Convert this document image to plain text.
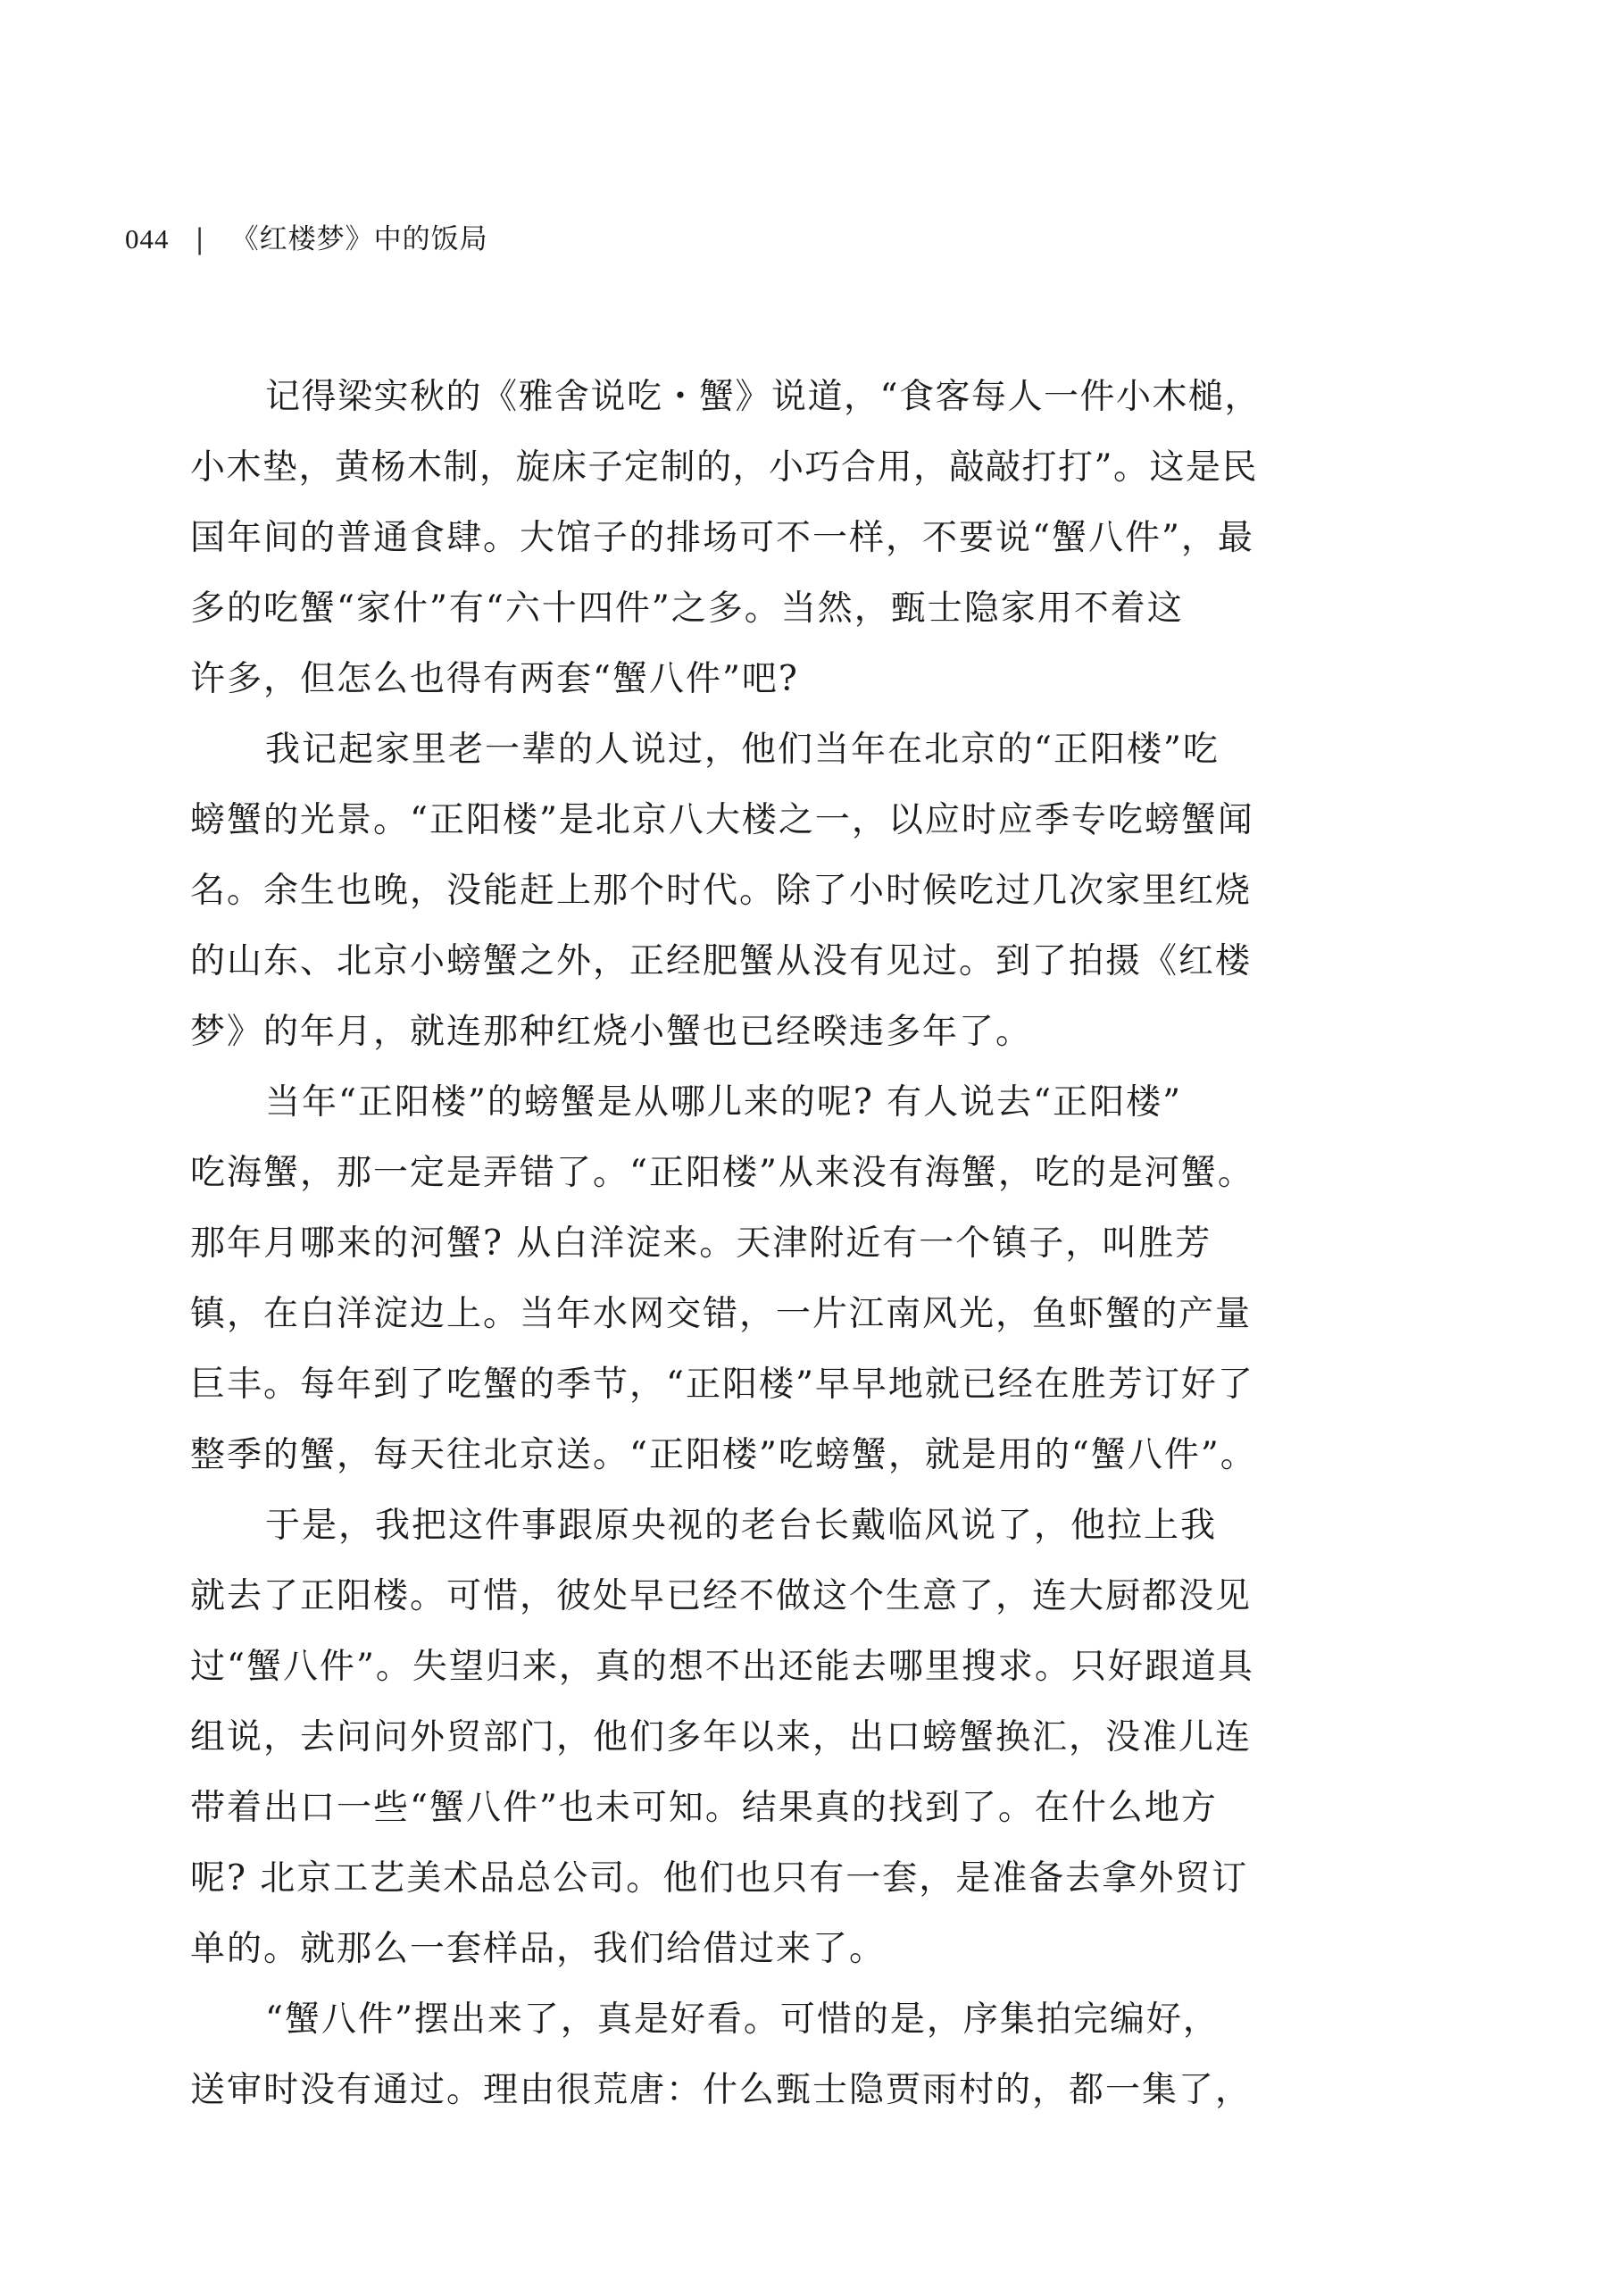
044 | 《红楼梦》中的饭局
记得梁实秋的《雅舍说吃・蟹》说道，“食客每人一件小木槌，
小木垫，黄杨木制，旋床子定制的，小巧合用，敲敲打打”。这是民
国年间的普通食肆。大馆子的排场可不一样，不要说“蟹八件”，最
多的吃蟹“家什”有“六十四件”之多。当然，甄士隐家用不着这
许多，但怎么也得有两套“蟹八件”吧?
我记起家里老一辈的人说过，他们当年在北京的“正阳楼”吃
螃蟹的光景。“正阳楼”是北京八大楼之一，以应时应季专吃螃蟹闻
名。余生也晚，没能赶上那个时代。除了小时候吃过几次家里红烧
的山东、北京小螃蟹之外，正经肥蟹从没有见过。到了拍摄《红楼
梦》的年月，就连那种红烧小蟹也已经暌违多年了。
当年“正阳楼”的螃蟹是从哪儿来的呢? 有人说去“正阳楼”
吃海蟹，那一定是弄错了。“正阳楼”从来没有海蟹，吃的是河蟹。
那年月哪来的河蟹? 从白洋淀来。天津附近有一个镇子，叫胜芳
镇，在白洋淀边上。当年水网交错，一片江南风光，鱼虾蟹的产量
巨丰。每年到了吃蟹的季节，“正阳楼”早早地就已经在胜芳订好了
整季的蟹，每天往北京送。“正阳楼”吃螃蟹，就是用的“蟹八件”。
于是，我把这件事跟原央视的老台长戴临风说了，他拉上我
就去了正阳楼。可惜，彼处早已经不做这个生意了，连大厨都没见
过“蟹八件”。失望归来，真的想不出还能去哪里搜求。只好跟道具
组说，去问问外贸部门，他们多年以来，出口螃蟹换汇，没准儿连
带着出口一些“蟹八件”也未可知。结果真的找到了。在什么地方
呢? 北京工艺美术品总公司。他们也只有一套，是准备去拿外贸订
单的。就那么一套样品，我们给借过来了。
“蟹八件”摆出来了，真是好看。可惜的是，序集拍完编好，
送审时没有通过。理由很荒唐：什么甄士隐贾雨村的，都一集了，
